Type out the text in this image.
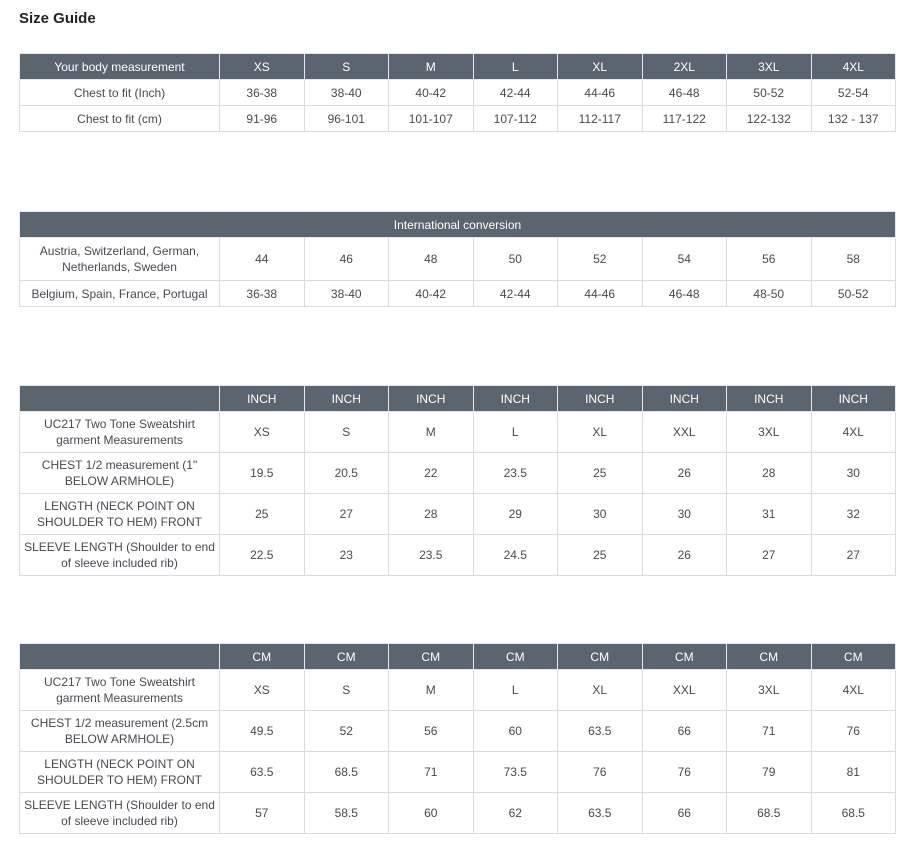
Size Guide
Your body measurement	XS	S	M	L	XL	2XL	3XL	4XL
Chest to fit (Inch)	36-38	38-40	40-42	42-44	44-46	46-48	50-52	52-54
Chest to fit (cm)	91-96	96-101	101-107	107-112	112-117	117-122	122-132	132 - 137
International conversion								
Austria, Switzerland, German, Netherlands, Sweden	44	46	48	50	52	54	56	58
Belgium, Spain, France, Portugal	36-38	38-40	40-42	42-44	44-46	46-48	48-50	50-52
	INCH	INCH	INCH	INCH	INCH	INCH	INCH	INCH
UC217 Two Tone Sweatshirt garment Measurements	XS	S	M	L	XL	XXL	3XL	4XL
CHEST 1/2 measurement (1" BELOW ARMHOLE)	19.5	20.5	22	23.5	25	26	28	30
LENGTH (NECK POINT ON SHOULDER TO HEM) FRONT	25	27	28	29	30	30	31	32
SLEEVE LENGTH (Shoulder to end of sleeve included rib)	22.5	23	23.5	24.5	25	26	27	27
	CM	CM	CM	CM	CM	CM	CM	CM
UC217 Two Tone Sweatshirt garment Measurements	XS	S	M	L	XL	XXL	3XL	4XL
CHEST 1/2 measurement (2.5cm BELOW ARMHOLE)	49.5	52	56	60	63.5	66	71	76
LENGTH (NECK POINT ON SHOULDER TO HEM) FRONT	63.5	68.5	71	73.5	76	76	79	81
SLEEVE LENGTH (Shoulder to end of sleeve included rib)	57	58.5	60	62	63.5	66	68.5	68.5
